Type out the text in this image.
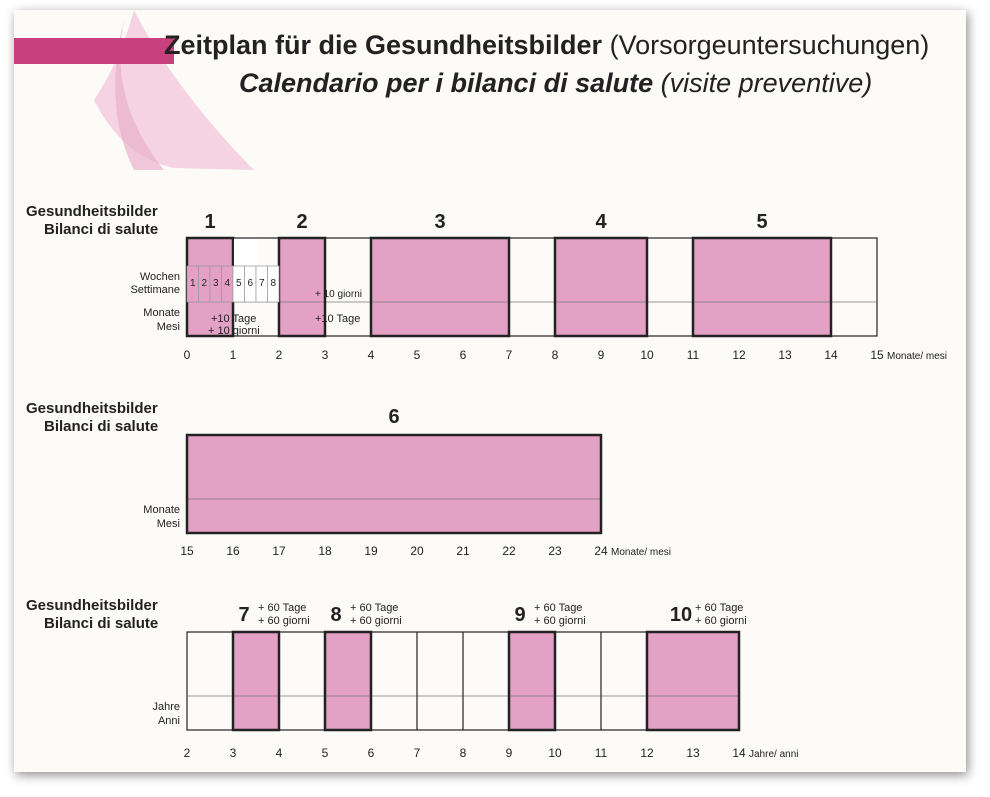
Zeitplan für die Gesundheitsbilder (Vorsorgeuntersuchungen)
Calendario per i bilanci di salute (visite preventive)
Gesundheitsbilder
Bilanci di salute 1	2	3	4	5
0	1	2	3	4	5	6	7	8	9	10	11	12	13	14	15 Monate/ mesi
Wochen
Settimane
Monate
Mesi
1 2 3 4 5 6 7 8
+10 Tage
+ 10 giorni
+ 10 giorni
+10 Tage
Gesundheitsbilder
Bilanci di salute	6
15	16	17	18	19	20	21	22	23	24 Monate/ mesi
Monate
Mesi
Gesundheitsbilder
Bilanci di salute	7 + 60 Tage
+ 60 giorni 8 + 60 Tage
+ 60 giorni	9 + 60 Tage
+ 60 giorni	10 + 60 Tage
+ 60 giorni
2	3	4	5	6	7	8	9	10	11	12	13	14 Jahre/ anni
Jahre
Anni
